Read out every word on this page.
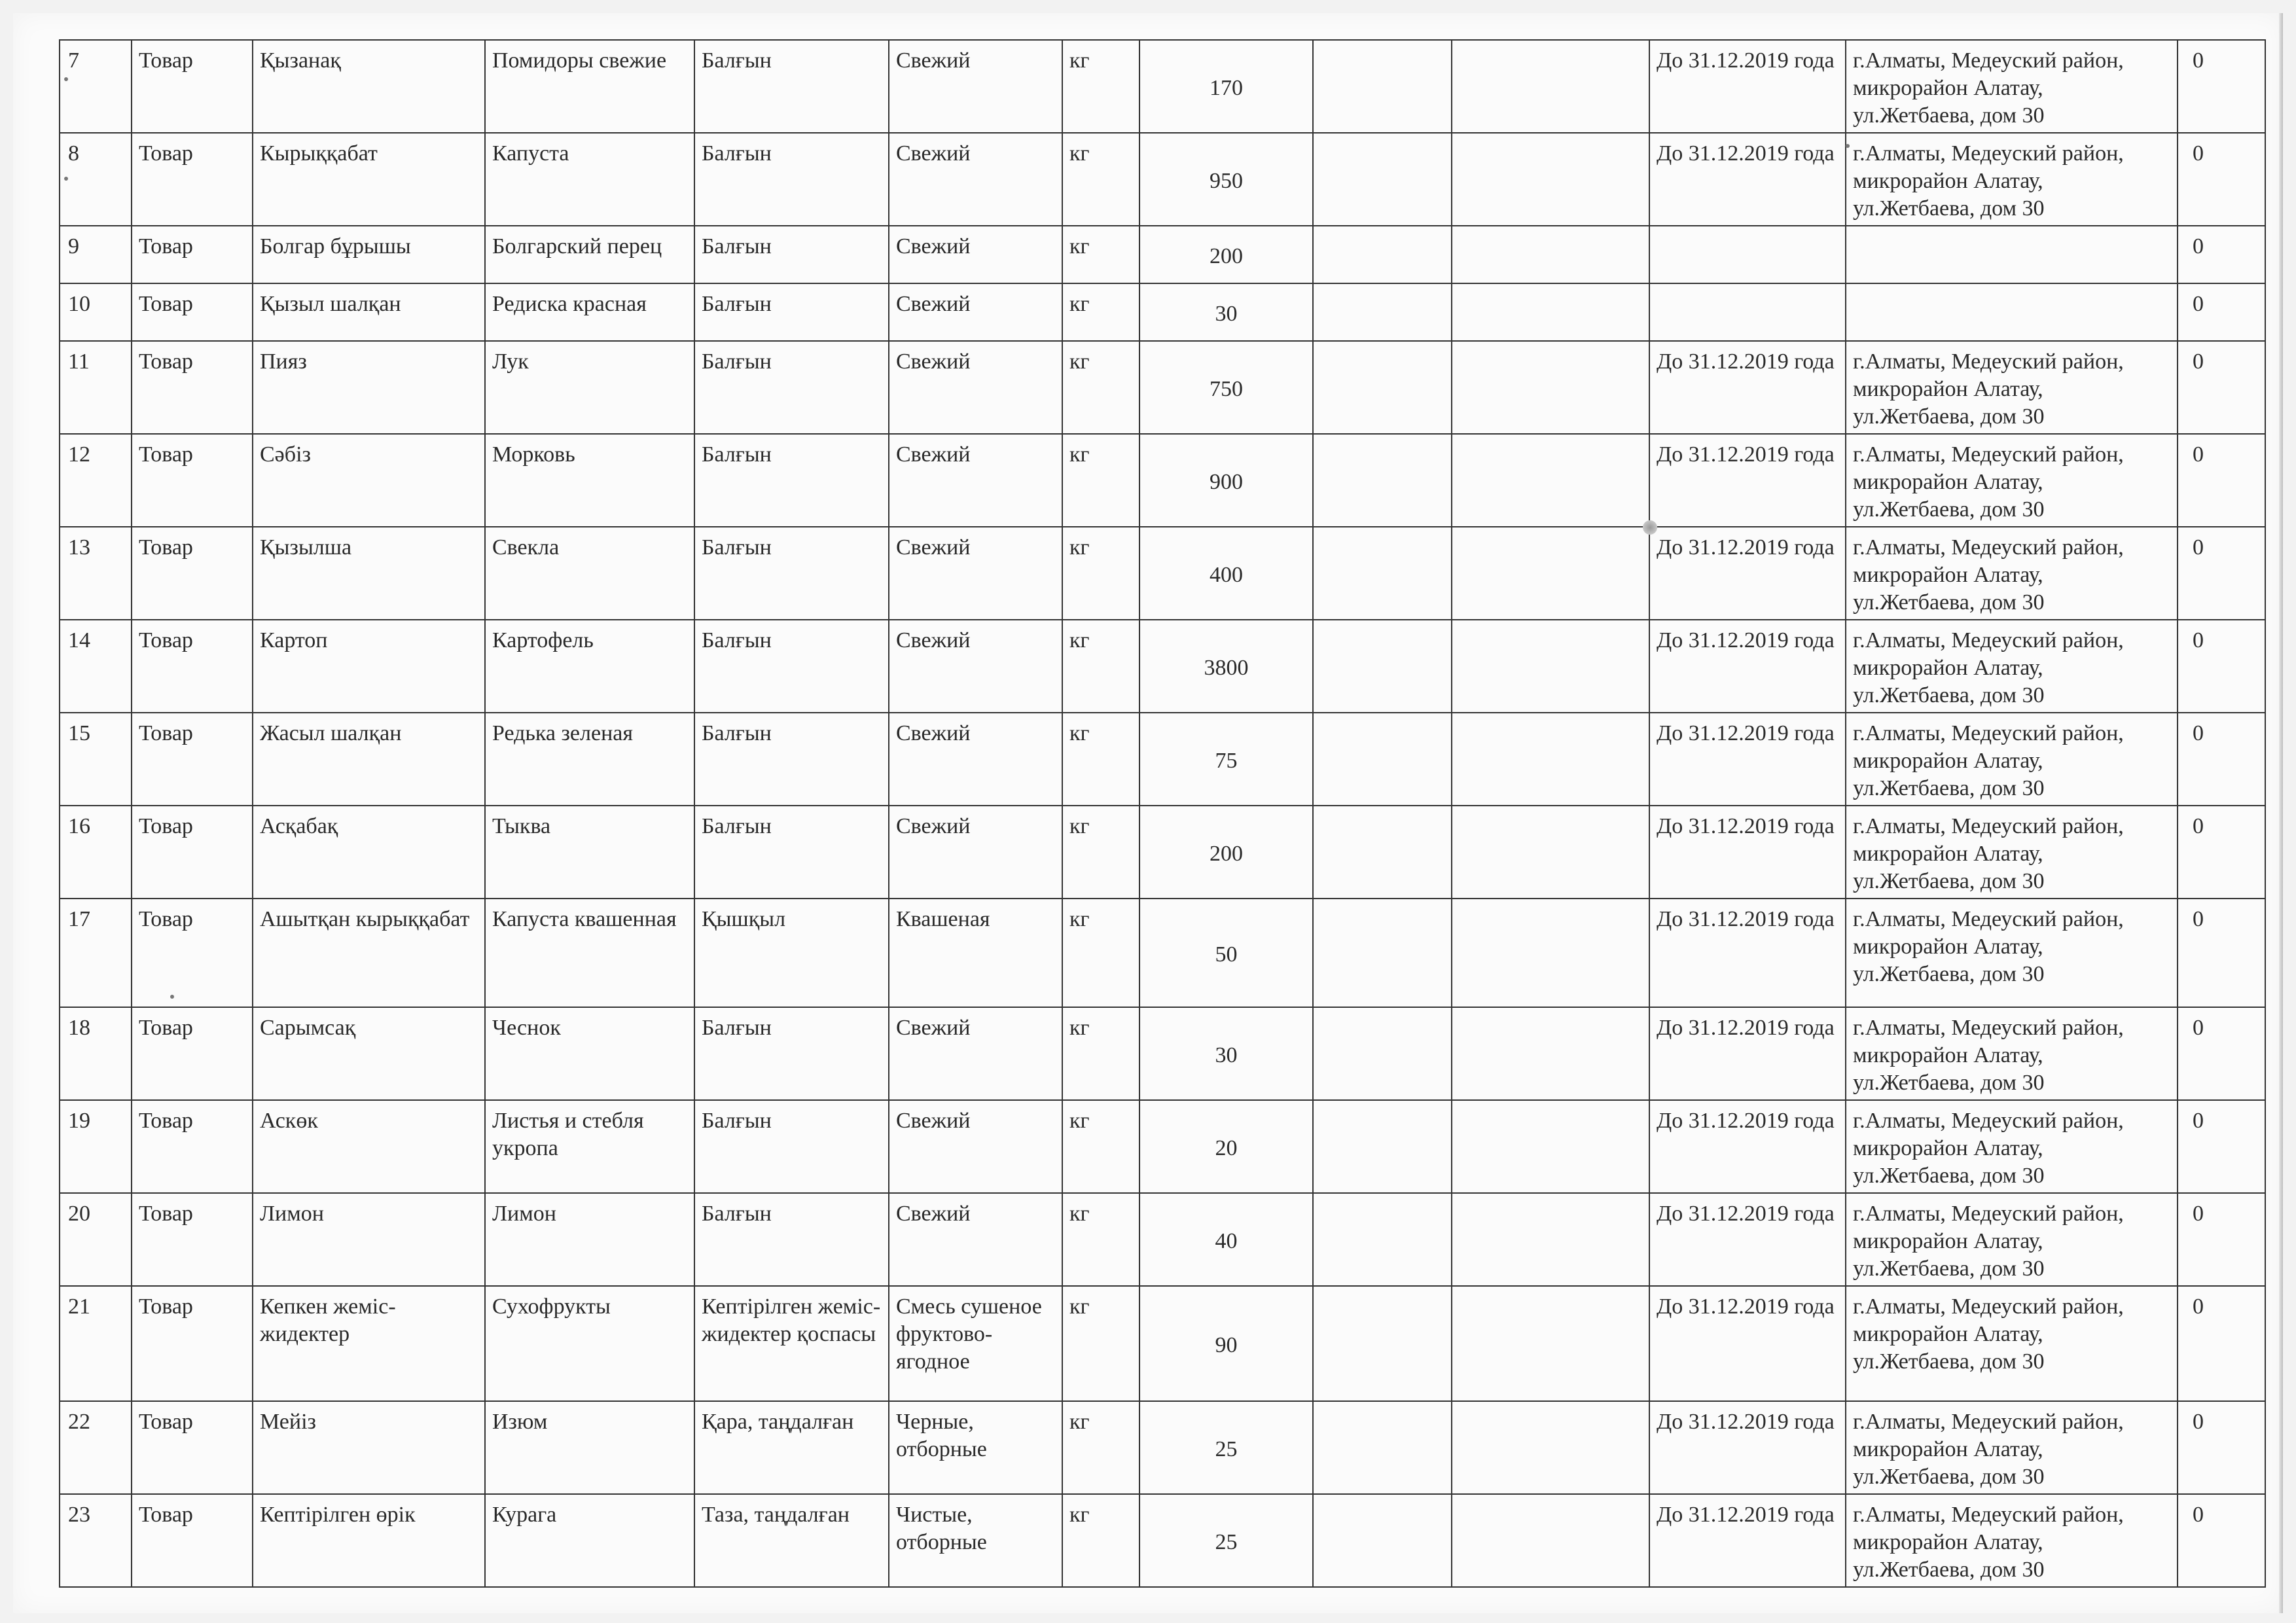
7	Товар	Қызанақ	Помидоры свежие	Балғын	Свежий	кг	170			До 31.12.2019 года	г.Алматы, Медеуский район, микрорайон Алатау, ул.Жетбаева, дом 30	0
8	Товар	Кырыққабат	Капуста	Балғын	Свежий	кг	950			До 31.12.2019 года	г.Алматы, Медеуский район, микрорайон Алатау, ул.Жетбаева, дом 30	0
9	Товар	Болгар бұрышы	Болгарский перец	Балғын	Свежий	кг	200					0
10	Товар	Қызыл шалқан	Редиска красная	Балғын	Свежий	кг	30					0
11	Товар	Пияз	Лук	Балғын	Свежий	кг	750			До 31.12.2019 года	г.Алматы, Медеуский район, микрорайон Алатау, ул.Жетбаева, дом 30	0
12	Товар	Сәбіз	Морковь	Балғын	Свежий	кг	900			До 31.12.2019 года	г.Алматы, Медеуский район, микрорайон Алатау, ул.Жетбаева, дом 30	0
13	Товар	Қызылша	Свекла	Балғын	Свежий	кг	400			До 31.12.2019 года	г.Алматы, Медеуский район, микрорайон Алатау, ул.Жетбаева, дом 30	0
14	Товар	Картоп	Картофель	Балғын	Свежий	кг	3800			До 31.12.2019 года	г.Алматы, Медеуский район, микрорайон Алатау, ул.Жетбаева, дом 30	0
15	Товар	Жасыл шалқан	Редька зеленая	Балғын	Свежий	кг	75			До 31.12.2019 года	г.Алматы, Медеуский район, микрорайон Алатау, ул.Жетбаева, дом 30	0
16	Товар	Асқабақ	Тыква	Балғын	Свежий	кг	200			До 31.12.2019 года	г.Алматы, Медеуский район, микрорайон Алатау, ул.Жетбаева, дом 30	0
17	Товар	Ашытқан кырыққабат	Капуста квашенная	Қышқыл	Квашеная	кг	50			До 31.12.2019 года	г.Алматы, Медеуский район, микрорайон Алатау, ул.Жетбаева, дом 30	0
18	Товар	Сарымсақ	Чеснок	Балғын	Свежий	кг	30			До 31.12.2019 года	г.Алматы, Медеуский район, микрорайон Алатау, ул.Жетбаева, дом 30	0
19	Товар	Аскөк	Листья и стебля укропа	Балғын	Свежий	кг	20			До 31.12.2019 года	г.Алматы, Медеуский район, микрорайон Алатау, ул.Жетбаева, дом 30	0
20	Товар	Лимон	Лимон	Балғын	Свежий	кг	40			До 31.12.2019 года	г.Алматы, Медеуский район, микрорайон Алатау, ул.Жетбаева, дом 30	0
21	Товар	Кепкен жеміс-жидектер	Сухофрукты	Кептірілген жеміс-жидектер қоспасы	Смесь сушеное фруктово-ягодное	кг	90			До 31.12.2019 года	г.Алматы, Медеуский район, микрорайон Алатау, ул.Жетбаева, дом 30	0
22	Товар	Мейіз	Изюм	Қара, таңдалған	Черные, отборные	кг	25			До 31.12.2019 года	г.Алматы, Медеуский район, микрорайон Алатау, ул.Жетбаева, дом 30	0
23	Товар	Кептірілген өрік	Курага	Таза, таңдалған	Чистые, отборные	кг	25			До 31.12.2019 года	г.Алматы, Медеуский район, микрорайон Алатау, ул.Жетбаева, дом 30	0
